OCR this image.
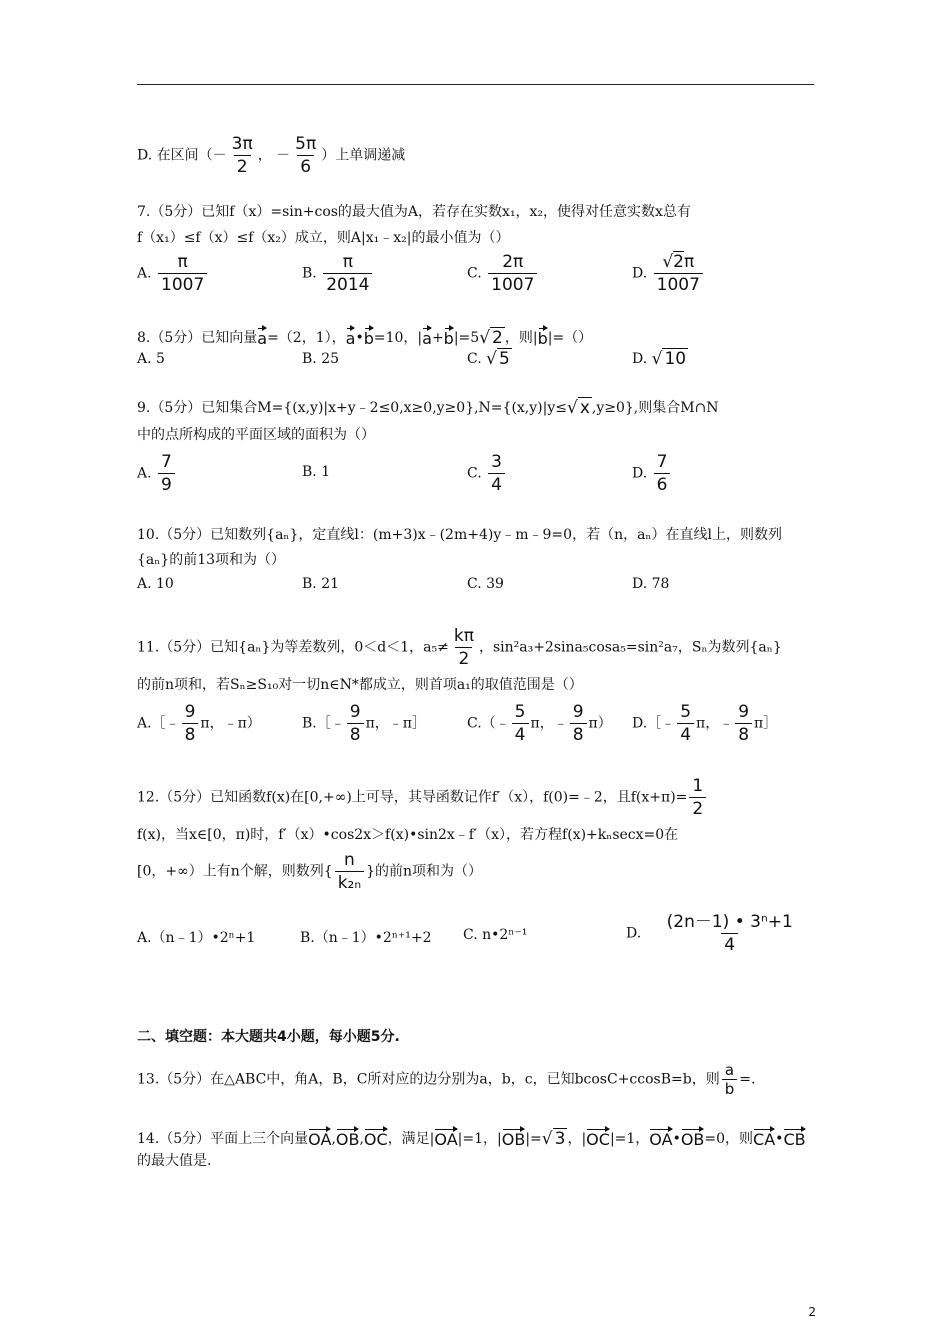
D. 在区间（－ $\frac{3\pi}{2}$ ， － $\frac{5\pi}{6}$ ）上单调递减
7.（5分）已知f（x）=sin+cos的最大值为A，若存在实数x₁，x₂，使得对任意实数x总有
f（x₁）≤f（x）≤f（x₂）成立，则A|x₁﹣x₂|的最小值为（）
A. $\frac{\pi}{1007}$	B. $\frac{\pi}{2014}$	C. $\frac{2\pi}{1007}$	D. $\frac{√2\pi}{1007}$
8.（5分）已知向量a=（2，1），a•b=10，|a+b|=5√ 2 ，则|b|=（）
A. 5	B. 25	C. √ 5	D. √ 10
9.（5分）已知集合M={(x,y)|x+y﹣2≤0,x≥0,y≥0},N={(x,y)|y≤√ x ,y≥0},则集合M∩N
中的点所构成的平面区域的面积为（）
A. $\frac{7}{9}$	B. 1	C. $\frac{3}{4}$	D. $\frac{7}{6}$
10.（5分）已知数列{aₙ}，定直线l：(m+3)x﹣(2m+4)y﹣m﹣9=0，若（n，aₙ）在直线l上，则数列
{aₙ}的前13项和为（）
A. 10	B. 21	C. 39	D. 78
11.（5分）已知{aₙ}为等差数列，0＜d＜1，$a_5\ne \frac{k\pi}{2}$ ，sin²a₃+2sina₅cosa₅=sin²a₇，Sₙ为数列{aₙ}
的前n项和，若Sₙ≥S₁₀对一切n∈N*都成立，则首项a₁的取值范围是（）
A.［﹣ $\frac{9}{8}$ π，﹣π）	B.［﹣ $\frac{9}{8}$ π，﹣π］	C.（﹣ $\frac{5}{4}$ π，﹣ $\frac{9}{8} \pi$） D.［﹣ $\frac{5}{4}$ π，﹣ $\frac{9}{8}$ π］
12.（5分）已知函数f(x)在[0,+∞)上可导，其导函数记作f′（x），f(0)=﹣2，且$f(x+\pi)= \frac{1}{2}$
f(x)，当x∈[0，π)时，f′（x）•cos2x＞f(x)•sin2x﹣f′（x），若方程f(x)+kₙsecx=0在
[0，+∞）上有n个解，则数列{ $\frac{n}{\text{k₂ₙ}}$ }的前n项和为（）
A.（n﹣1）•2ⁿ+1	B.（n﹣1）•2ⁿ⁺¹+2 C. n•2ⁿ⁻¹	D. $\frac{\text{(2n－1) • 3ⁿ+1}}{4}$
二、填空题：本大题共4小题，每小题5分.
13.（5分）在△ABC中，角A，B，C所对应的边分别为a，b，c，已知bcosC+ccosB=b，则 $\frac{a}{b}$ =.
14.（5分）平面上三个向量OA,OB,OC，满足|OA|=1，|OB|=√ 3 ，|OC|=1，OA•OB=0，则CA•CB
的最大值是.
2
